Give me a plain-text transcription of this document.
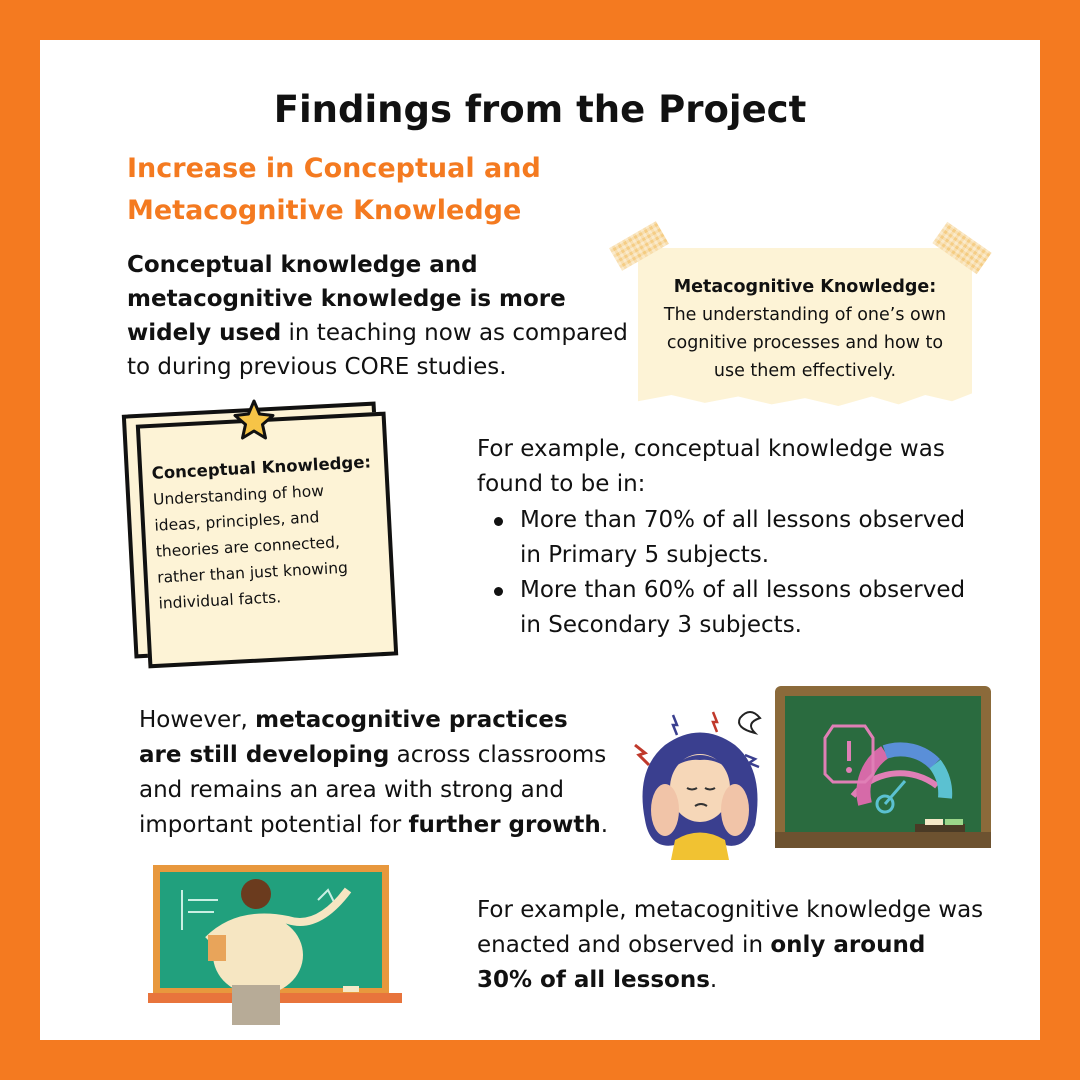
Findings from the Project
Increase in Conceptual and
Metacognitive Knowledge
Conceptual knowledge and metacognitive knowledge is more widely used in teaching now as compared to during previous CORE studies.
Metacognitive Knowledge:
The understanding of one’s own cognitive processes and how to use them effectively.
Conceptual Knowledge:
Understanding of how ideas, principles, and theories are connected, rather than just knowing individual facts.
For example, conceptual knowledge was found to be in:
More than 70% of all lessons observed in Primary 5 subjects.
More than 60% of all lessons observed in Secondary 3 subjects.
However, metacognitive practices are still developing across classrooms and remains an area with strong and important potential for further growth.
For example, metacognitive knowledge was enacted and observed in only around 30% of all lessons.
